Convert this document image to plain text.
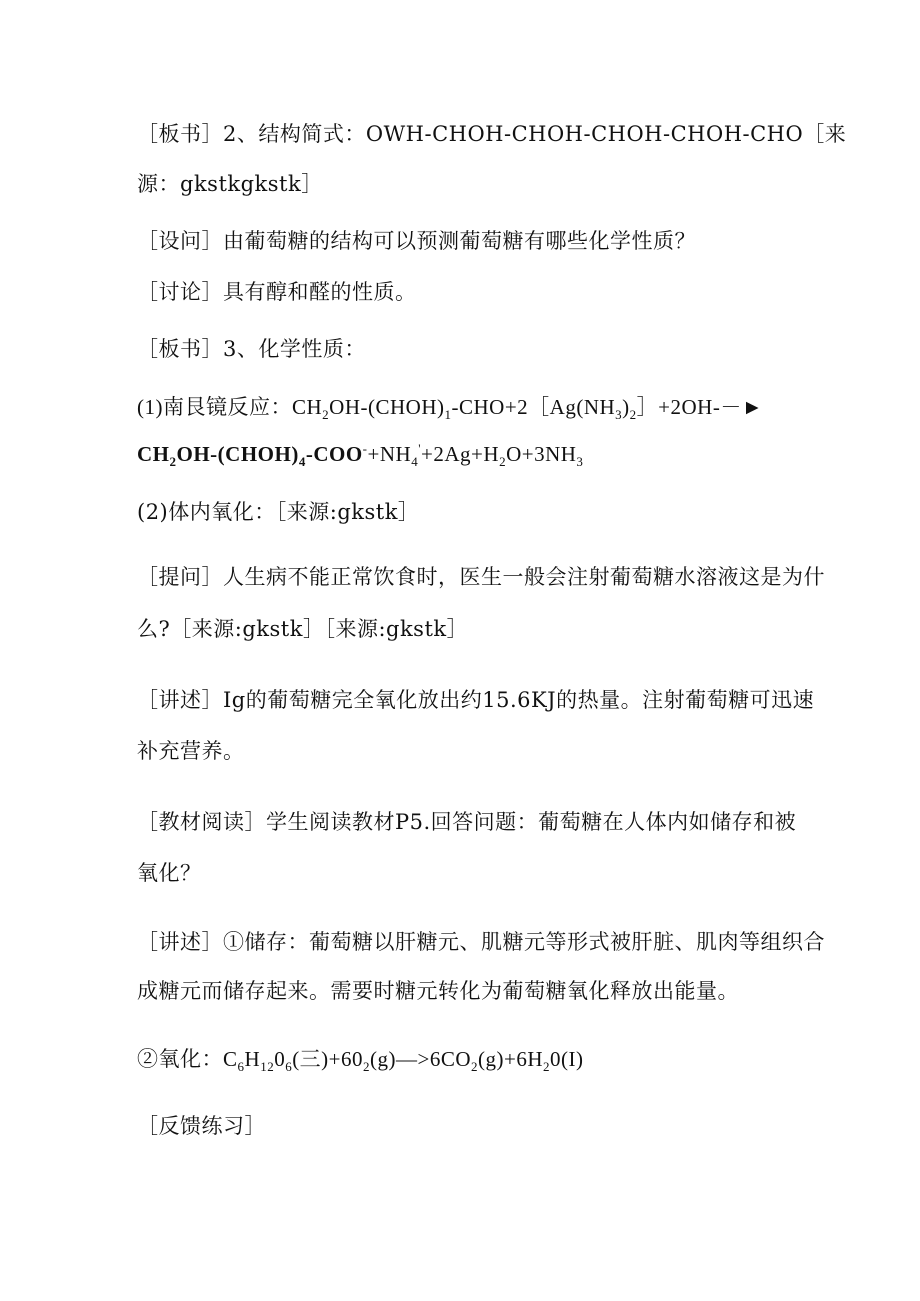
［板书］2、结构简式：OWH-CHOH-CHOH-CHOH-CHOH-CHO［来
源：gkstkgkstk］
［设问］由葡萄糖的结构可以预测葡萄糖有哪些化学性质？
［讨论］具有醇和醛的性质。
［板书］3、化学性质：
(1)南艮镜反应：$CH_2OH-(CHOH)_1-CHO+2[Ag(NH_3)_2]+2OH--►$
$CH_2OH-(CHOH)_4-COO^-+NH_4'+2Ag+H_2O+3NH_3$
(2)体内氧化：［来源:gkstk］
［提问］人生病不能正常饮食时，医生一般会注射葡萄糖水溶液这是为什
么?［来源:gkstk］［来源:gkstk］
［讲述］Ig的葡萄糖完全氧化放出约15.6KJ的热量。注射葡萄糖可迅速
补充营养。
［教材阅读］学生阅读教材P5.回答问题：葡萄糖在人体内如储存和被
氧化？
［讲述］①储存：葡萄糖以肝糖元、肌糖元等形式被肝脏、肌肉等组织合
成糖元而储存起来。需要时糖元转化为葡萄糖氧化释放出能量。
②氧化：$C_6H_{12}0_6$(三)$+60_2(g)—>6CO_2(g)+6H_20(I)$
［反馈练习］
